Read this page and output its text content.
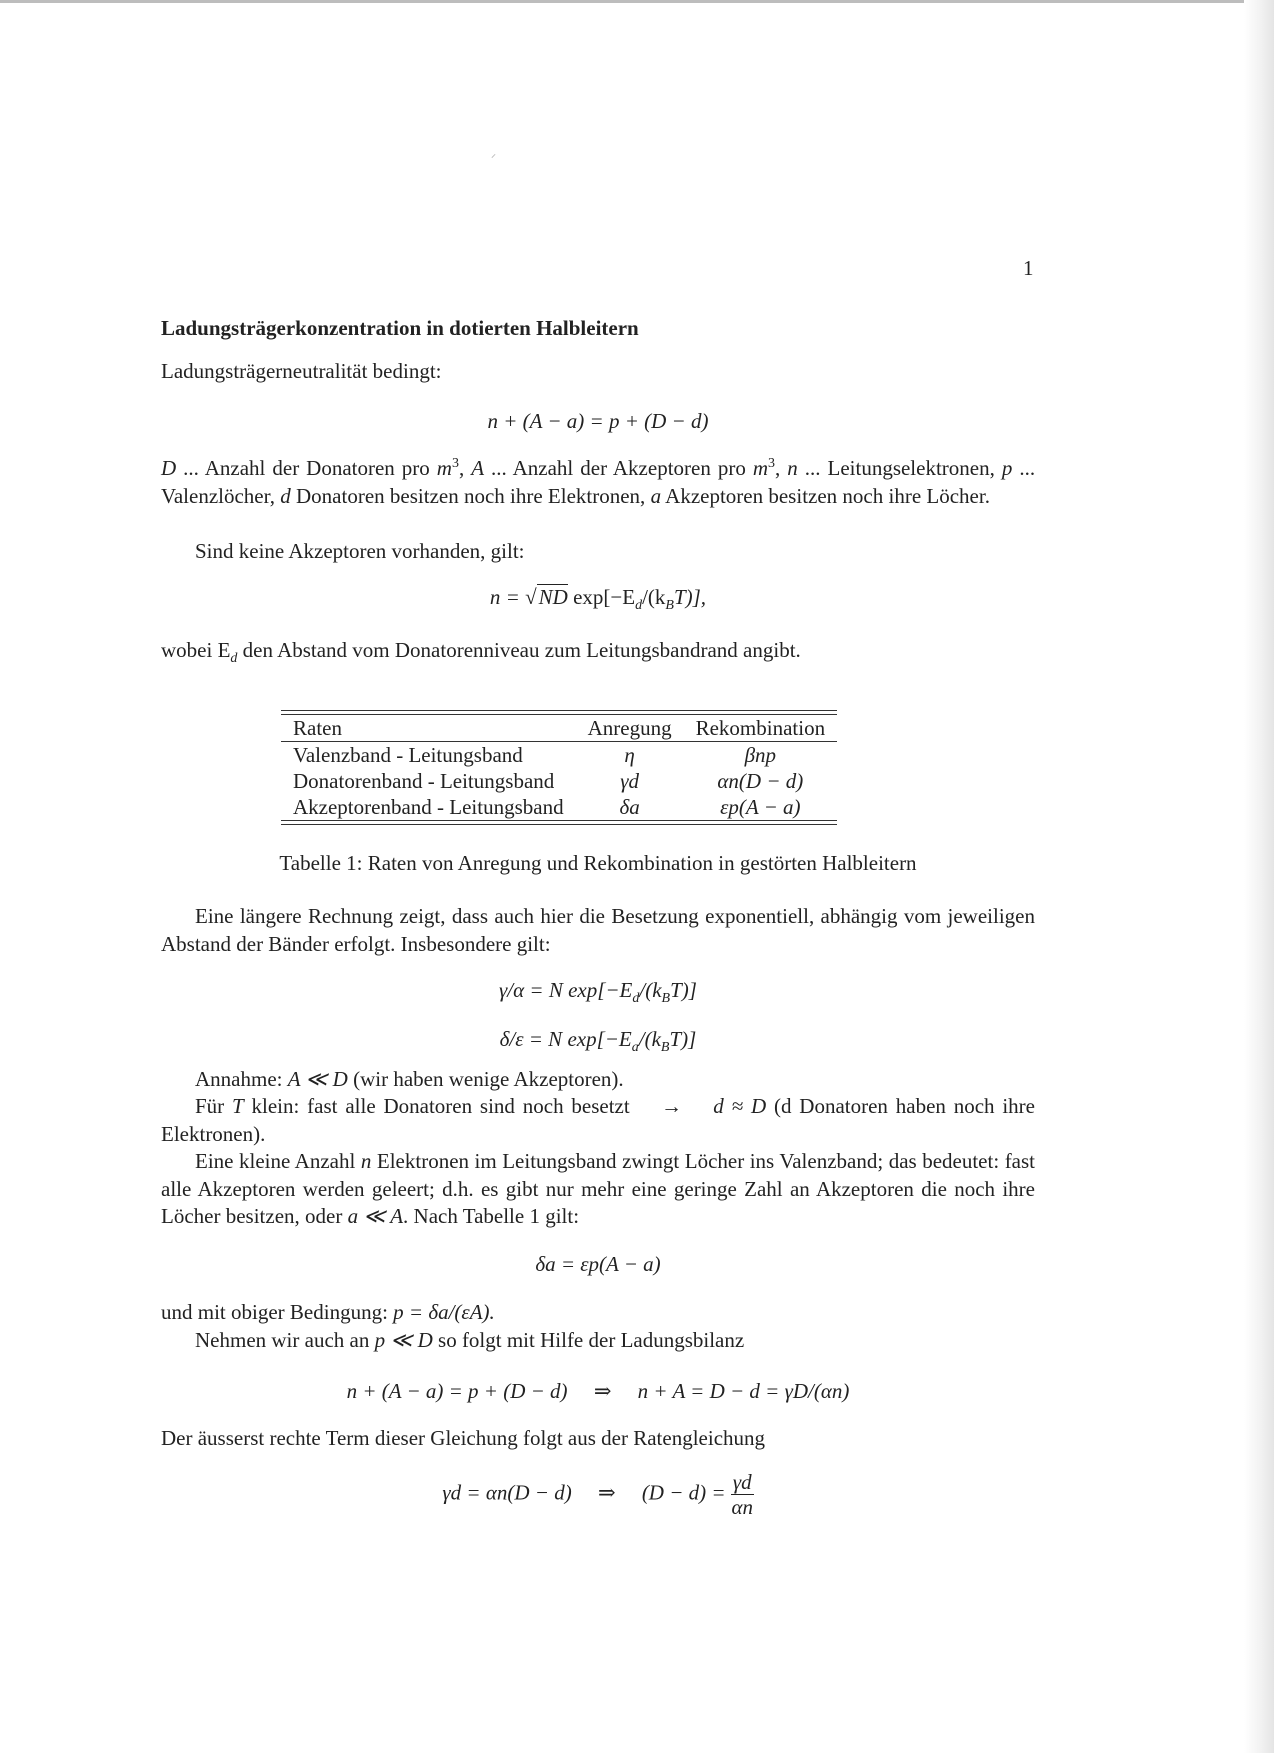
⸝
1
Ladungsträgerkonzentration in dotierten Halbleitern
Ladungsträgerneutralität bedingt:
n + (A − a) = p + (D − d)
D ... Anzahl der Donatoren pro $m^3$, A ... Anzahl der Akzeptoren pro $m^3$, n ... Leitungselektronen, p ... Valenzlöcher, d Donatoren besitzen noch ihre Elektronen, a Akzeptoren besitzen noch ihre Löcher.
Sind keine Akzeptoren vorhanden, gilt:
n = √ND $\exp[-E_d/(k_BT)]$,
wobei $E_d$ den Abstand vom Donatorenniveau zum Leitungsbandrand angibt.
Raten	Anregung	Rekombination

Valenzband - Leitungsband	η	βnp
Donatorenband - Leitungsband	γd	αn(D − d)
Akzeptorenband - Leitungsband	δa	εp(A − a)
Tabelle 1: Raten von Anregung und Rekombination in gestörten Halbleitern
Eine längere Rechnung zeigt, dass auch hier die Besetzung exponentiell, abhängig vom jeweiligen Abstand der Bänder erfolgt. Insbesondere gilt:
γ/α = N $\exp[-E_d/(k_BT)]$
δ/ε = N $\exp[-E_a/(k_BT)]$
Annahme: A ≪ D (wir haben wenige Akzeptoren).
Für T klein: fast alle Donatoren sind noch besetzt → d ≈ D (d Donatoren haben noch ihre Elektronen).
Eine kleine Anzahl n Elektronen im Leitungsband zwingt Löcher ins Valenzband; das bedeutet: fast alle Akzeptoren werden geleert; d.h. es gibt nur mehr eine geringe Zahl an Akzeptoren die noch ihre Löcher besitzen, oder a ≪ A. Nach Tabelle 1 gilt:
δa = εp(A − a)
und mit obiger Bedingung: p = δa/(εA).
Nehmen wir auch an p ≪ D so folgt mit Hilfe der Ladungsbilanz
n + (A − a) = p + (D − d) ⇒ n + A = D − d = γD/(αn)
Der äusserst rechte Term dieser Gleichung folgt aus der Ratengleichung
γd = αn(D − d) ⇒ $(D - d) = \frac{\gamma d}{\alpha n}$
